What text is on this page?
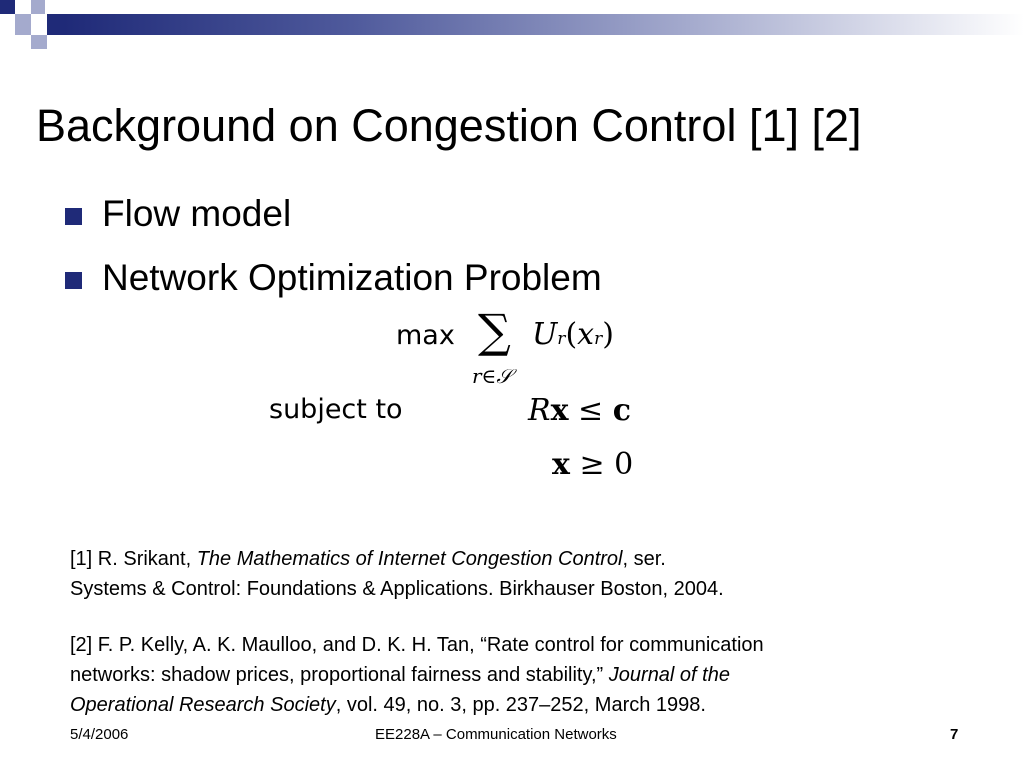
Background on Congestion Control [1] [2]
Flow model
Network Optimization Problem
max ∑ Ur(xr)
r∈𝒮
subject to	Rx ≤ c
x ≥ 0

[1] R. Srikant, The Mathematics of Internet Congestion Control, ser.

Systems & Control: Foundations & Applications. Birkhauser Boston, 2004.

[2] F. P. Kelly, A. K. Maulloo, and D. K. H. Tan, “Rate control for communication

networks: shadow prices, proportional fairness and stability,” Journal of the

Operational Research Society, vol. 49, no. 3, pp. 237–252, March 1998.

5/4/2006	EE228A – Communication Networks	7
